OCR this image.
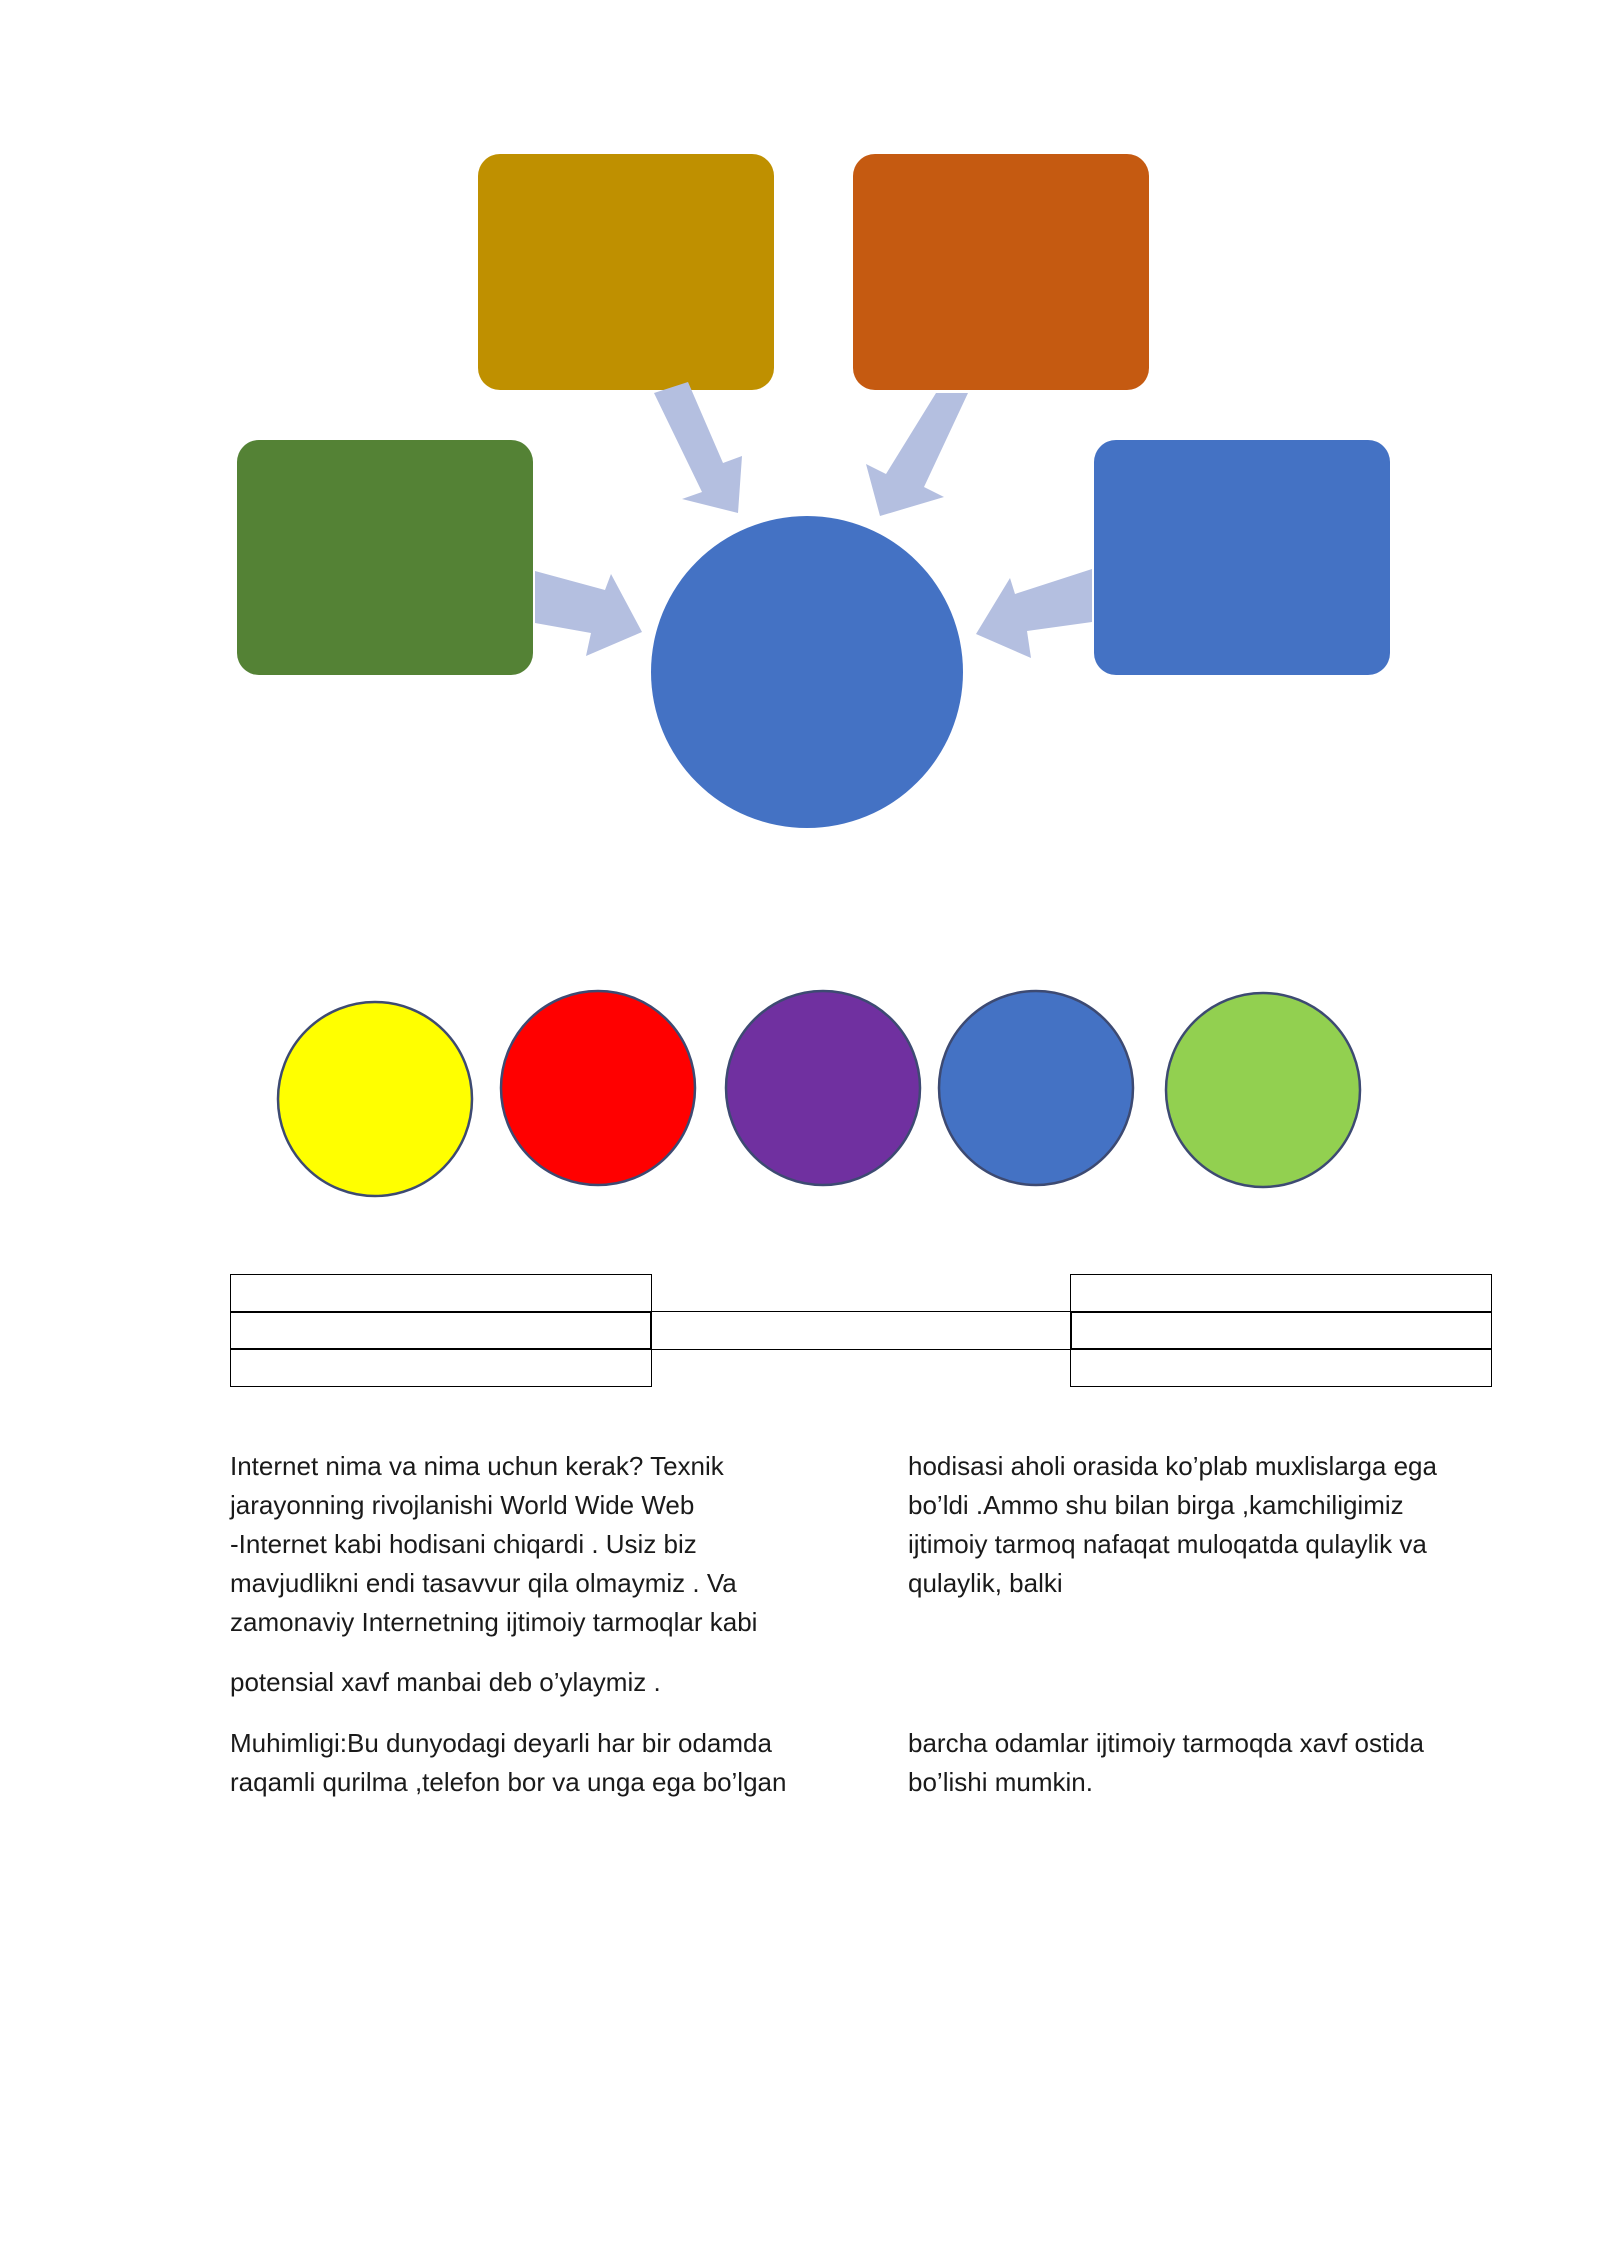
Internet nima va nima uchun kerak? Texnik
jarayonning rivojlanishi World Wide Web
-Internet kabi hodisani chiqardi . Usiz biz
mavjudlikni endi tasavvur qila olmaymiz . Va
zamonaviy Internetning ijtimoiy tarmoqlar kabi

hodisasi aholi orasida ko’plab muxlislarga ega
bo’ldi .Ammo shu bilan birga ,kamchiligimiz
ijtimoiy tarmoq nafaqat muloqatda qulaylik va
qulaylik, balki

potensial xavf manbai deb o’ylaymiz .

Muhimligi:Bu dunyodagi deyarli har bir odamda
raqamli qurilma ,telefon bor va unga ega bo’lgan

barcha odamlar ijtimoiy tarmoqda xavf ostida
bo’lishi mumkin.
